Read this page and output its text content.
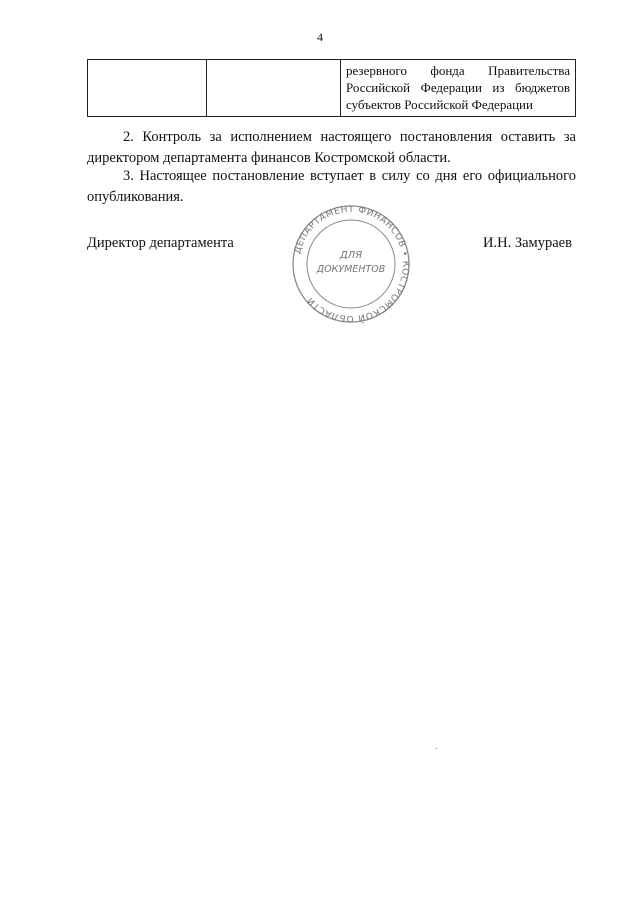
4
		резервного фонда Правительства Российской Федерации из бюджетов субъектов Российской Федерации
2. Контроль за исполнением настоящего постановления оставить за директором департамента финансов Костромской области.
3. Настоящее постановление вступает в силу со дня его официального опубликования.
Директор департамента	ДЕПАРТАМЕНТ ФИНАНСОВ • КОСТРОМСКОЙ ОБЛАСТИ
ДЛЯ
ДОКУМЕНТОВ
И.Н. Замураев
